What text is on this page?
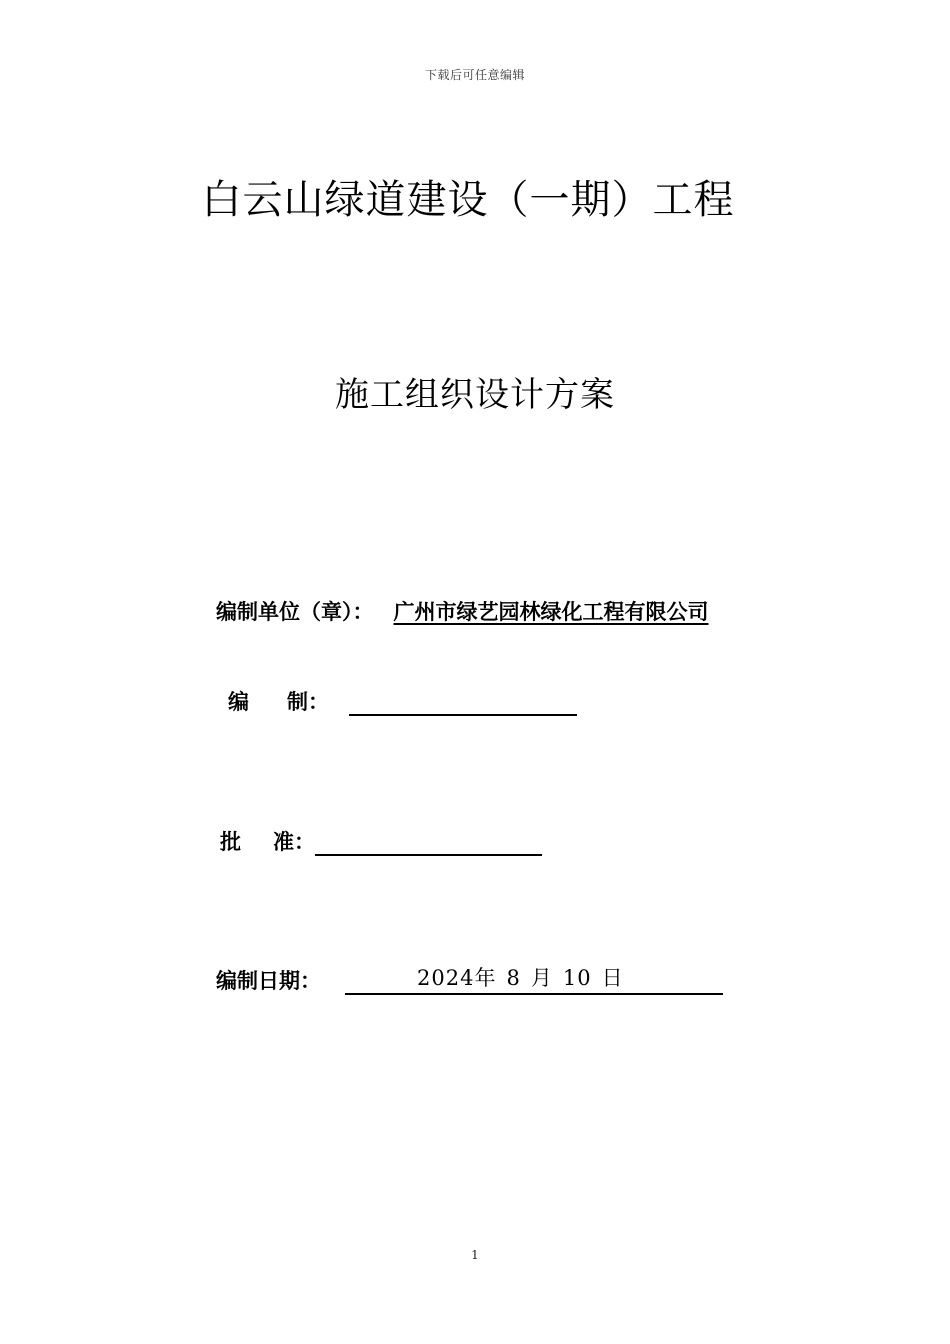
下载后可任意编辑
白云山绿道建设（一期）工程
施工组织设计方案
编制单位（章）： 广州市绿艺园林绿化工程有限公司
编 制：
批 准：
编制日期：	2024年 8 月 10 日
1
